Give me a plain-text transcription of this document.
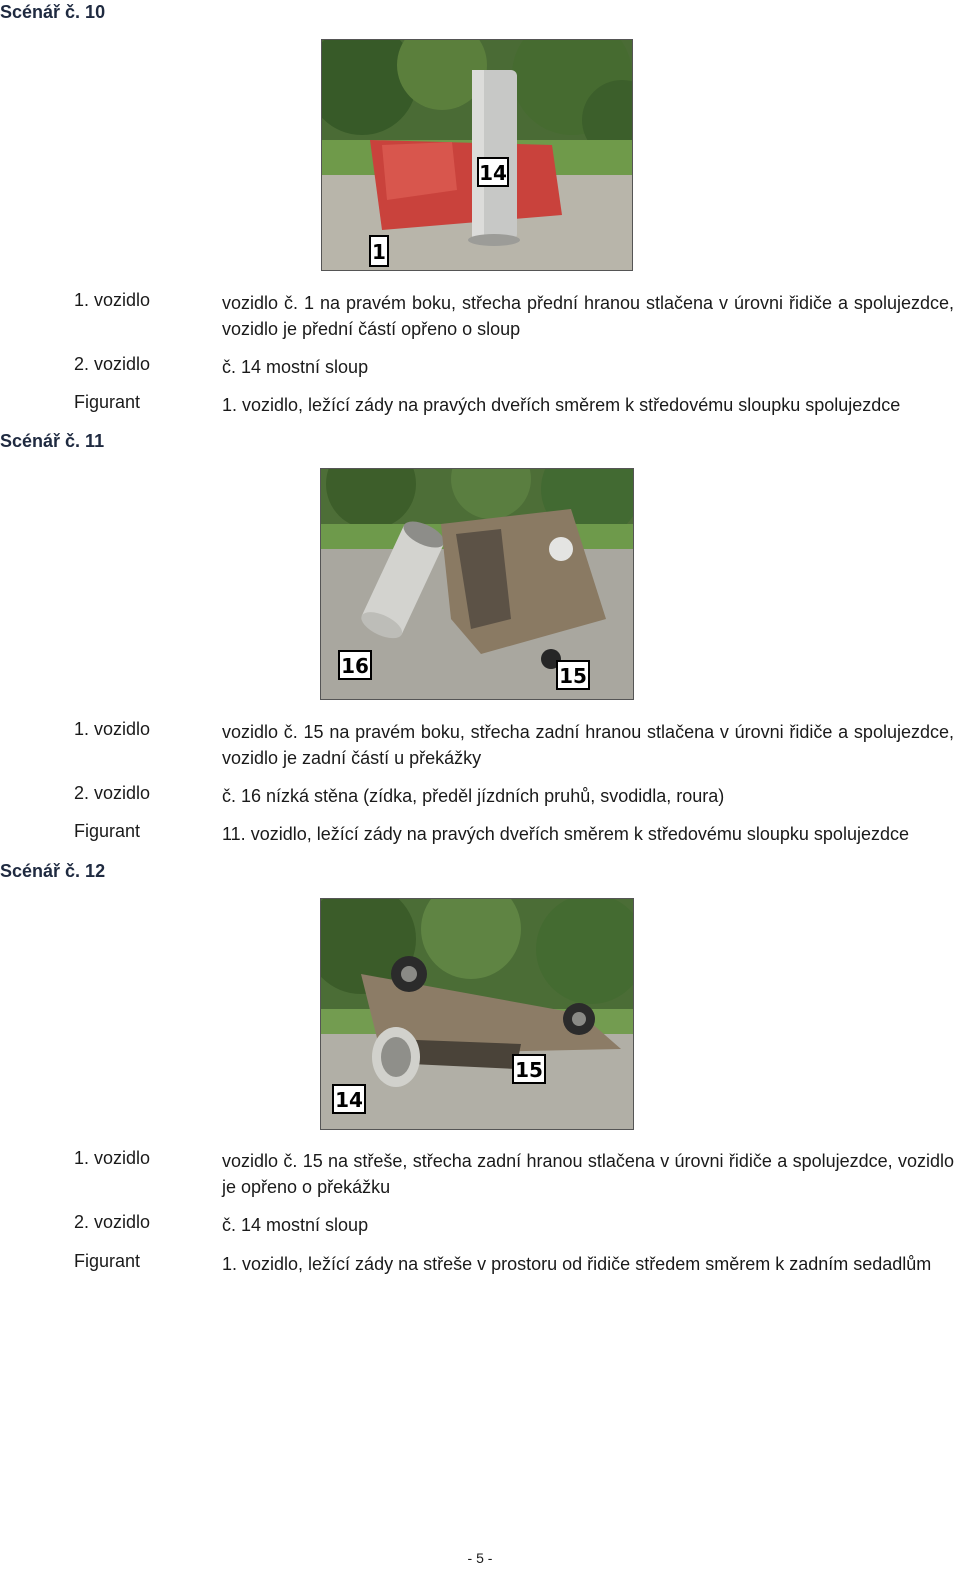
Scénář č. 10
14
1
1. vozidlo	vozidlo č. 1 na pravém boku, střecha přední hranou stlačena v úrovni řidiče a spolujezdce, vozidlo je přední částí opřeno o sloup
2. vozidlo	č. 14 mostní sloup
Figurant	1. vozidlo, ležící zády na pravých dveřích směrem k středovému sloupku spolujezdce
Scénář č. 11
16	15
1. vozidlo	vozidlo č. 15 na pravém boku, střecha zadní hranou stlačena v úrovni řidiče a spolujezdce, vozidlo je zadní částí u překážky
2. vozidlo	č. 16 nízká stěna (zídka, předěl jízdních pruhů, svodidla, roura)
Figurant	11. vozidlo, ležící zády na pravých dveřích směrem k středovému sloupku spolujezdce
Scénář č. 12
15
14
1. vozidlo	vozidlo č. 15 na střeše, střecha zadní hranou stlačena v úrovni řidiče a spolujezdce, vozidlo je opřeno o překážku
2. vozidlo	č. 14 mostní sloup
Figurant	1. vozidlo, ležící zády na střeše v prostoru od řidiče středem směrem k zadním sedadlům
- 5 -
